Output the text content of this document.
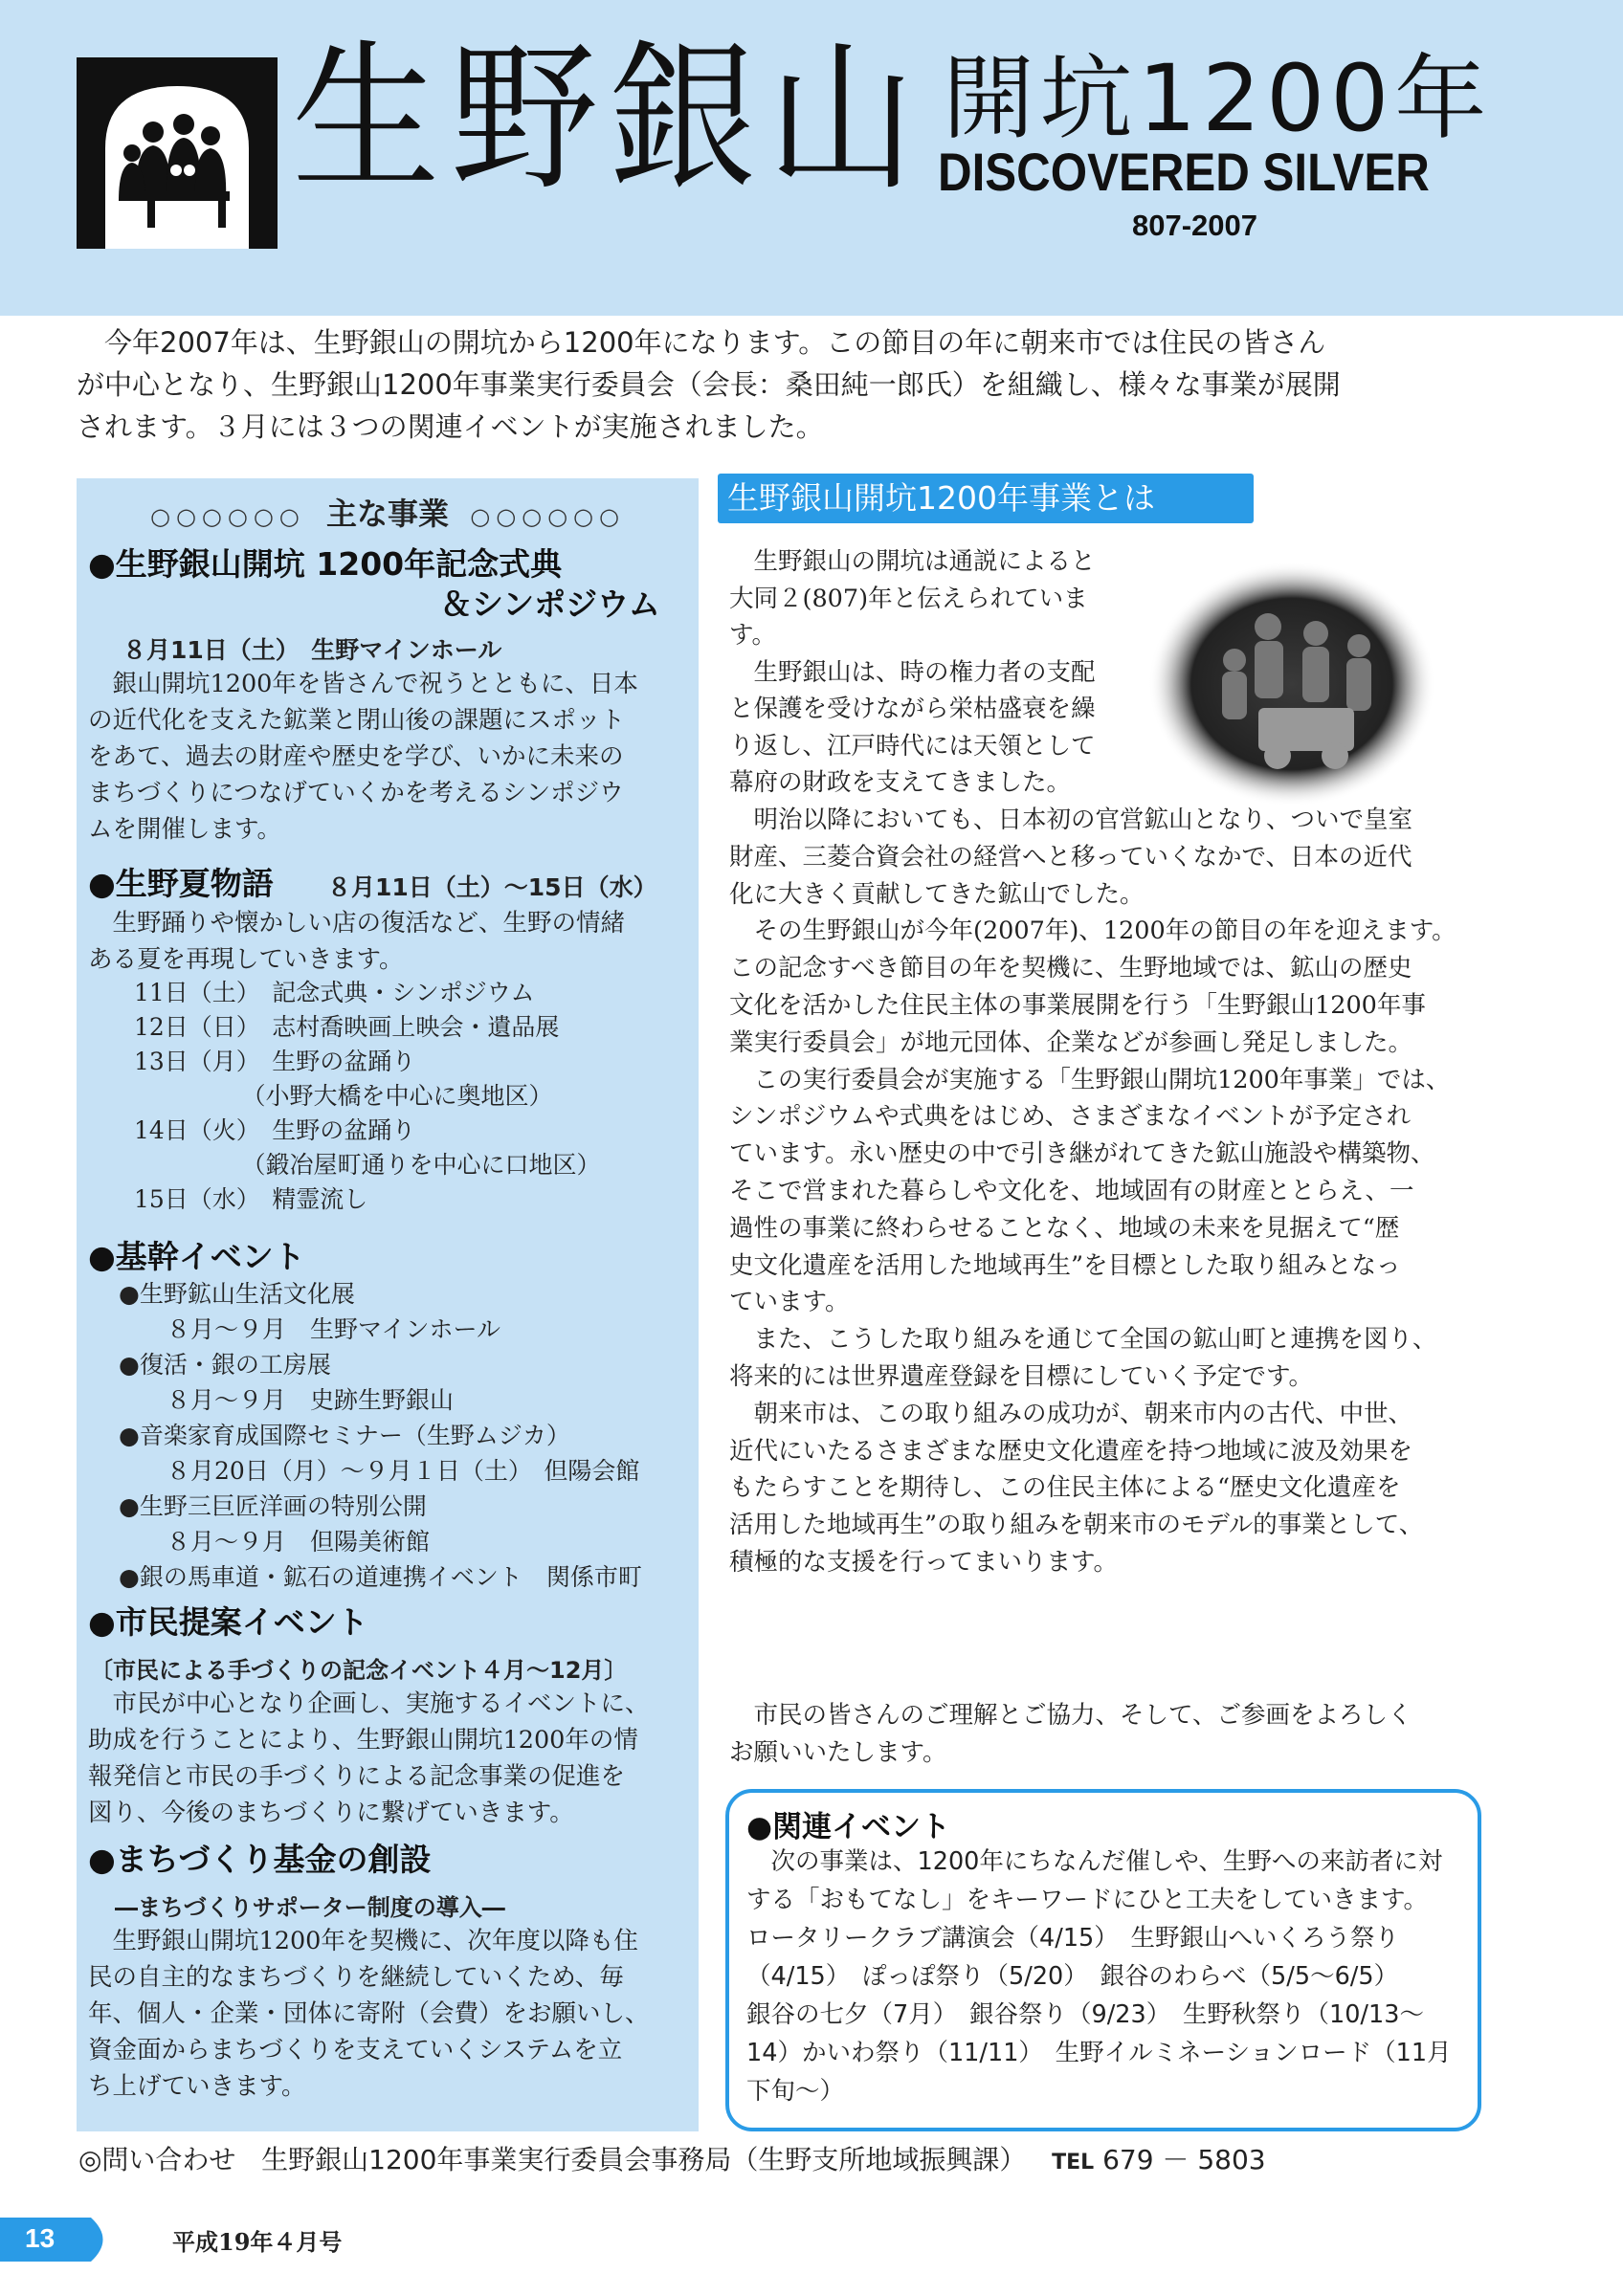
生野銀山 開坑1200年
DISCOVERED SILVER
807-2007
　今年2007年は、生野銀山の開坑から1200年になります。この節目の年に朝来市では住民の皆さん
が中心となり、生野銀山1200年事業実行委員会（会長：桑田純一郎氏）を組織し、様々な事業が展開
されます。３月には３つの関連イベントが実施されました。
○○○○○○ 主な事業 ○○○○○○
●生野銀山開坑 1200年記念式典
＆シンポジウム
８月11日（土）　生野マインホール
　銀山開坑1200年を皆さんで祝うとともに、日本
の近代化を支えた鉱業と閉山後の課題にスポット
をあて、過去の財産や歴史を学び、いかに未来の
まちづくりにつなげていくかを考えるシンポジウ
ムを開催します。
●生野夏物語 ８月11日（土）～15日（水）
　生野踊りや懐かしい店の復活など、生野の情緒
ある夏を再現していきます。
11日（土）　記念式典・シンポジウム
12日（日）　志村喬映画上映会・遺品展
13日（月）　生野の盆踊り
　　　　　（小野大橋を中心に奥地区）
14日（火）　生野の盆踊り
　　　　　（鍛冶屋町通りを中心に口地区）
15日（水）　精霊流し
●基幹イベント
●生野鉱山生活文化展
　　８月～９月　生野マインホール
●復活・銀の工房展
　　８月～９月　史跡生野銀山
●音楽家育成国際セミナー（生野ムジカ）
　　８月20日（月）～９月１日（土）　但陽会館
●生野三巨匠洋画の特別公開
　　８月～９月　但陽美術館
●銀の馬車道・鉱石の道連携イベント　関係市町
●市民提案イベント
〔市民による手づくりの記念イベント４月～12月〕
　市民が中心となり企画し、実施するイベントに、
助成を行うことにより、生野銀山開坑1200年の情
報発信と市民の手づくりによる記念事業の促進を
図り、今後のまちづくりに繋げていきます。
●まちづくり基金の創設
―まちづくりサポーター制度の導入―
　生野銀山開坑1200年を契機に、次年度以降も住
民の自主的なまちづくりを継続していくため、毎
年、個人・企業・団体に寄附（会費）をお願いし、
資金面からまちづくりを支えていくシステムを立
ち上げていきます。
生野銀山開坑1200年事業とは
　生野銀山の開坑は通説によると
大同２(807)年と伝えられていま
す。
　生野銀山は、時の権力者の支配
と保護を受けながら栄枯盛衰を繰
り返し、江戸時代には天領として
幕府の財政を支えてきました。
　明治以降においても、日本初の官営鉱山となり、ついで皇室
財産、三菱合資会社の経営へと移っていくなかで、日本の近代
化に大きく貢献してきた鉱山でした。
　その生野銀山が今年(2007年)、1200年の節目の年を迎えます。
この記念すべき節目の年を契機に、生野地域では、鉱山の歴史
文化を活かした住民主体の事業展開を行う「生野銀山1200年事
業実行委員会」が地元団体、企業などが参画し発足しました。
　この実行委員会が実施する「生野銀山開坑1200年事業」では、
シンポジウムや式典をはじめ、さまざまなイベントが予定され
ています。永い歴史の中で引き継がれてきた鉱山施設や構築物、
そこで営まれた暮らしや文化を、地域固有の財産ととらえ、一
過性の事業に終わらせることなく、地域の未来を見据えて“歴
史文化遺産を活用した地域再生”を目標とした取り組みとなっ
ています。
　また、こうした取り組みを通じて全国の鉱山町と連携を図り、
将来的には世界遺産登録を目標にしていく予定です。
　朝来市は、この取り組みの成功が、朝来市内の古代、中世、
近代にいたるさまざまな歴史文化遺産を持つ地域に波及効果を
もたらすことを期待し、この住民主体による“歴史文化遺産を
活用した地域再生”の取り組みを朝来市のモデル的事業として、
積極的な支援を行ってまいります。
　市民の皆さんのご理解とご協力、そして、ご参画をよろしく
お願いいたします。
●関連イベント
　次の事業は、1200年にちなんだ催しや、生野への来訪者に対
する「おもてなし」をキーワードにひと工夫をしていきます。
ロータリークラブ講演会（4/15）　生野銀山へいくろう祭り
（4/15）　ぽっぽ祭り（5/20）　銀谷のわらべ（5/5～6/5）
銀谷の七夕（7月）　銀谷祭り（9/23）　生野秋祭り（10/13～
14）かいわ祭り（11/11）　生野イルミネーションロード（11月
下旬～）
◎問い合わせ 生野銀山1200年事業実行委員会事務局（生野支所地域振興課） TEL 679 － 5803
13	平成19年４月号
